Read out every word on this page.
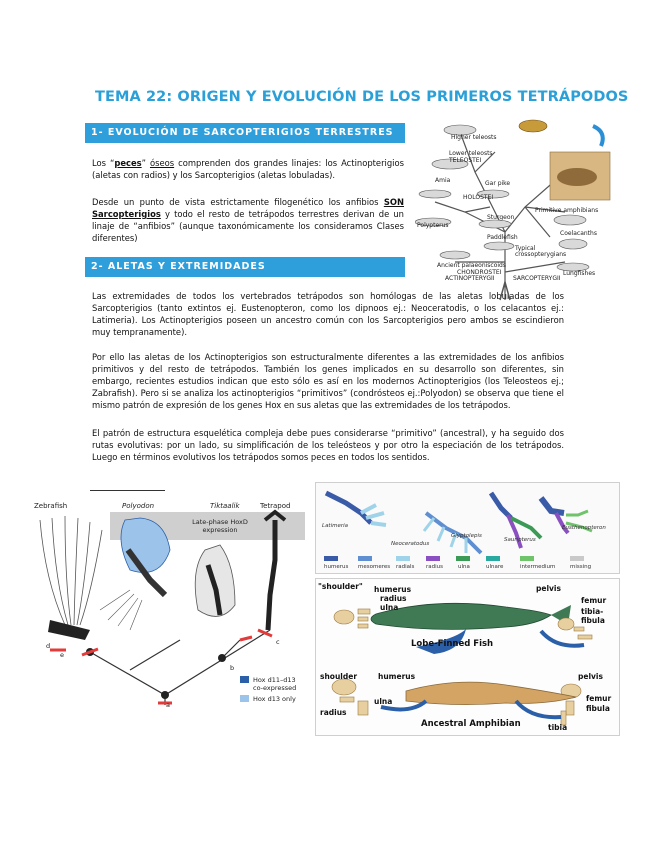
TEMA 22: ORIGEN Y EVOLUCIÓN DE LOS PRIMEROS TETRÁPODOS
1- EVOLUCIÓN DE SARCOPTERIGIOS TERRESTRES
Los “peces” óseos comprenden dos grandes linajes: los Actinopterigios (aletas con radios) y los Sarcopterigios (aletas lobuladas).
Desde un punto de vista estrictamente filogenético los anfibios SON Sarcopterigios y todo el resto de tetrápodos terrestres derivan de un linaje de “anfibios” (aunque taxonómicamente los consideramos Clases diferentes)
2- ALETAS Y EXTREMIDADES
Las extremidades de todos los vertebrados tetrápodos son homólogas de las aletas lobuladas de los Sarcopterigios (tanto extintos ej. Eustenopteron, como los dipnoos ej.: Neoceratodis, o los celacantos ej.: Latimeria). Los Actinopterigios poseen un ancestro común con los Sarcopterigios pero ambos se escindieron muy tempranamente).
Por ello las aletas de los Actinopterigios son estructuralmente diferentes a las extremidades de los anfibios primitivos y del resto de tetrápodos. También los genes implicados en su desarrollo son diferentes, sin embargo, recientes estudios indican que esto sólo es así en los modernos Actinopterigios (los Teleosteos ej.; Zabrafish). Pero si se analiza los actinopterigios “primitivos” (condrósteos ej.:Polyodon) se observa que tiene el mismo patrón de expresión de los genes Hox en sus aletas que las extremidades de los tetrápodos.
El patrón de estructura esquelética compleja debe pues considerarse “primitivo” (ancestral), y ha seguido dos rutas evolutivas: por un lado, su simplificación de los teleósteos y por otro la especiación de los tetrápodos. Luego en términos evolutivos los tetrápodos somos peces en todos los sentidos.
Higher teleosts
Lower teleosts
TELEOSTEI
Amia	Gar pike
HOLOSTEI
Polypterus
Sturgeon
Paddlefish
Primitive amphibians
Coelacanths
Lungfishes
Typical crossopterygians
Ancient palaeoniscoids
CHONDROSTEI
ACTINOPTERYGII	SARCOPTERYGII
Zebrafish	Polyodon	Tiktaalik	Tetrapod
Late-phase HoxD expression
a
b
c
d
e
Hox d11–d13 co-expressed
Hox d13 only
Latimeria
Neoceratodus
Glyptolepis
Sauripterus
Eusthenopteron
humerus mesomeres radials radius	ulna	ulnare	intermedium	missing
"shoulder" humerus
radius
ulna
pelvis
femur
tibia-
fibula
Lobe-Finned Fish
shoulder	humerus
radius
ulna
pelvis
femur
fibula
tibia
Ancestral Amphibian
